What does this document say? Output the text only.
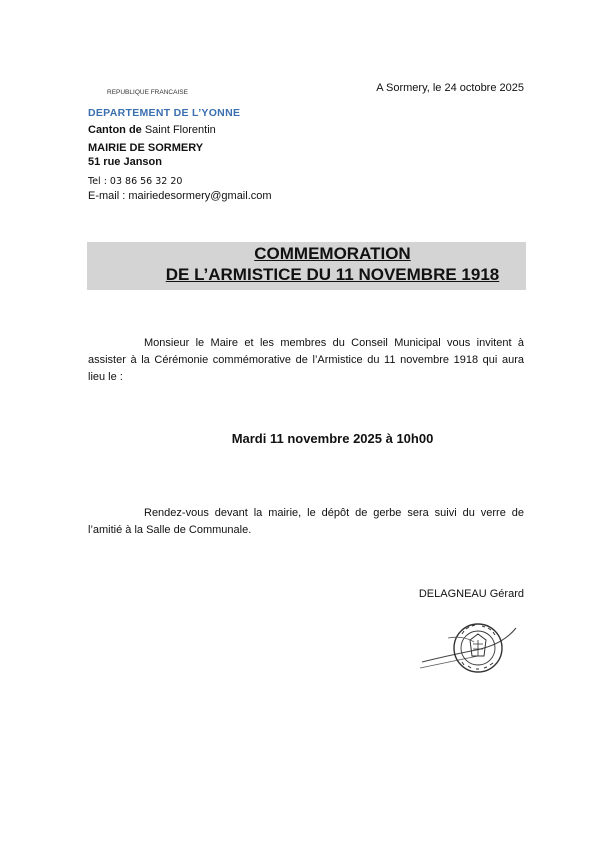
REPUBLIQUE FRANCAISE	A Sormery, le 24 octobre 2025
DEPARTEMENT DE L’YONNE
Canton de Saint Florentin
MAIRIE DE SORMERY
51 rue Janson
Tel : 03 86 56 32 20
E-mail : mairiedesormery@gmail.com
COMMEMORATION
DE L’ARMISTICE DU 11 NOVEMBRE 1918
Monsieur le Maire et les membres du Conseil Municipal vous invitent à assister à la Cérémonie commémorative de l’Armistice du 11 novembre 1918 qui aura lieu le :
Mardi 11 novembre 2025 à 10h00
Rendez-vous devant la mairie, le dépôt de gerbe sera suivi du verre de l’amitié à la Salle de Communale.
DELAGNEAU Gérard
